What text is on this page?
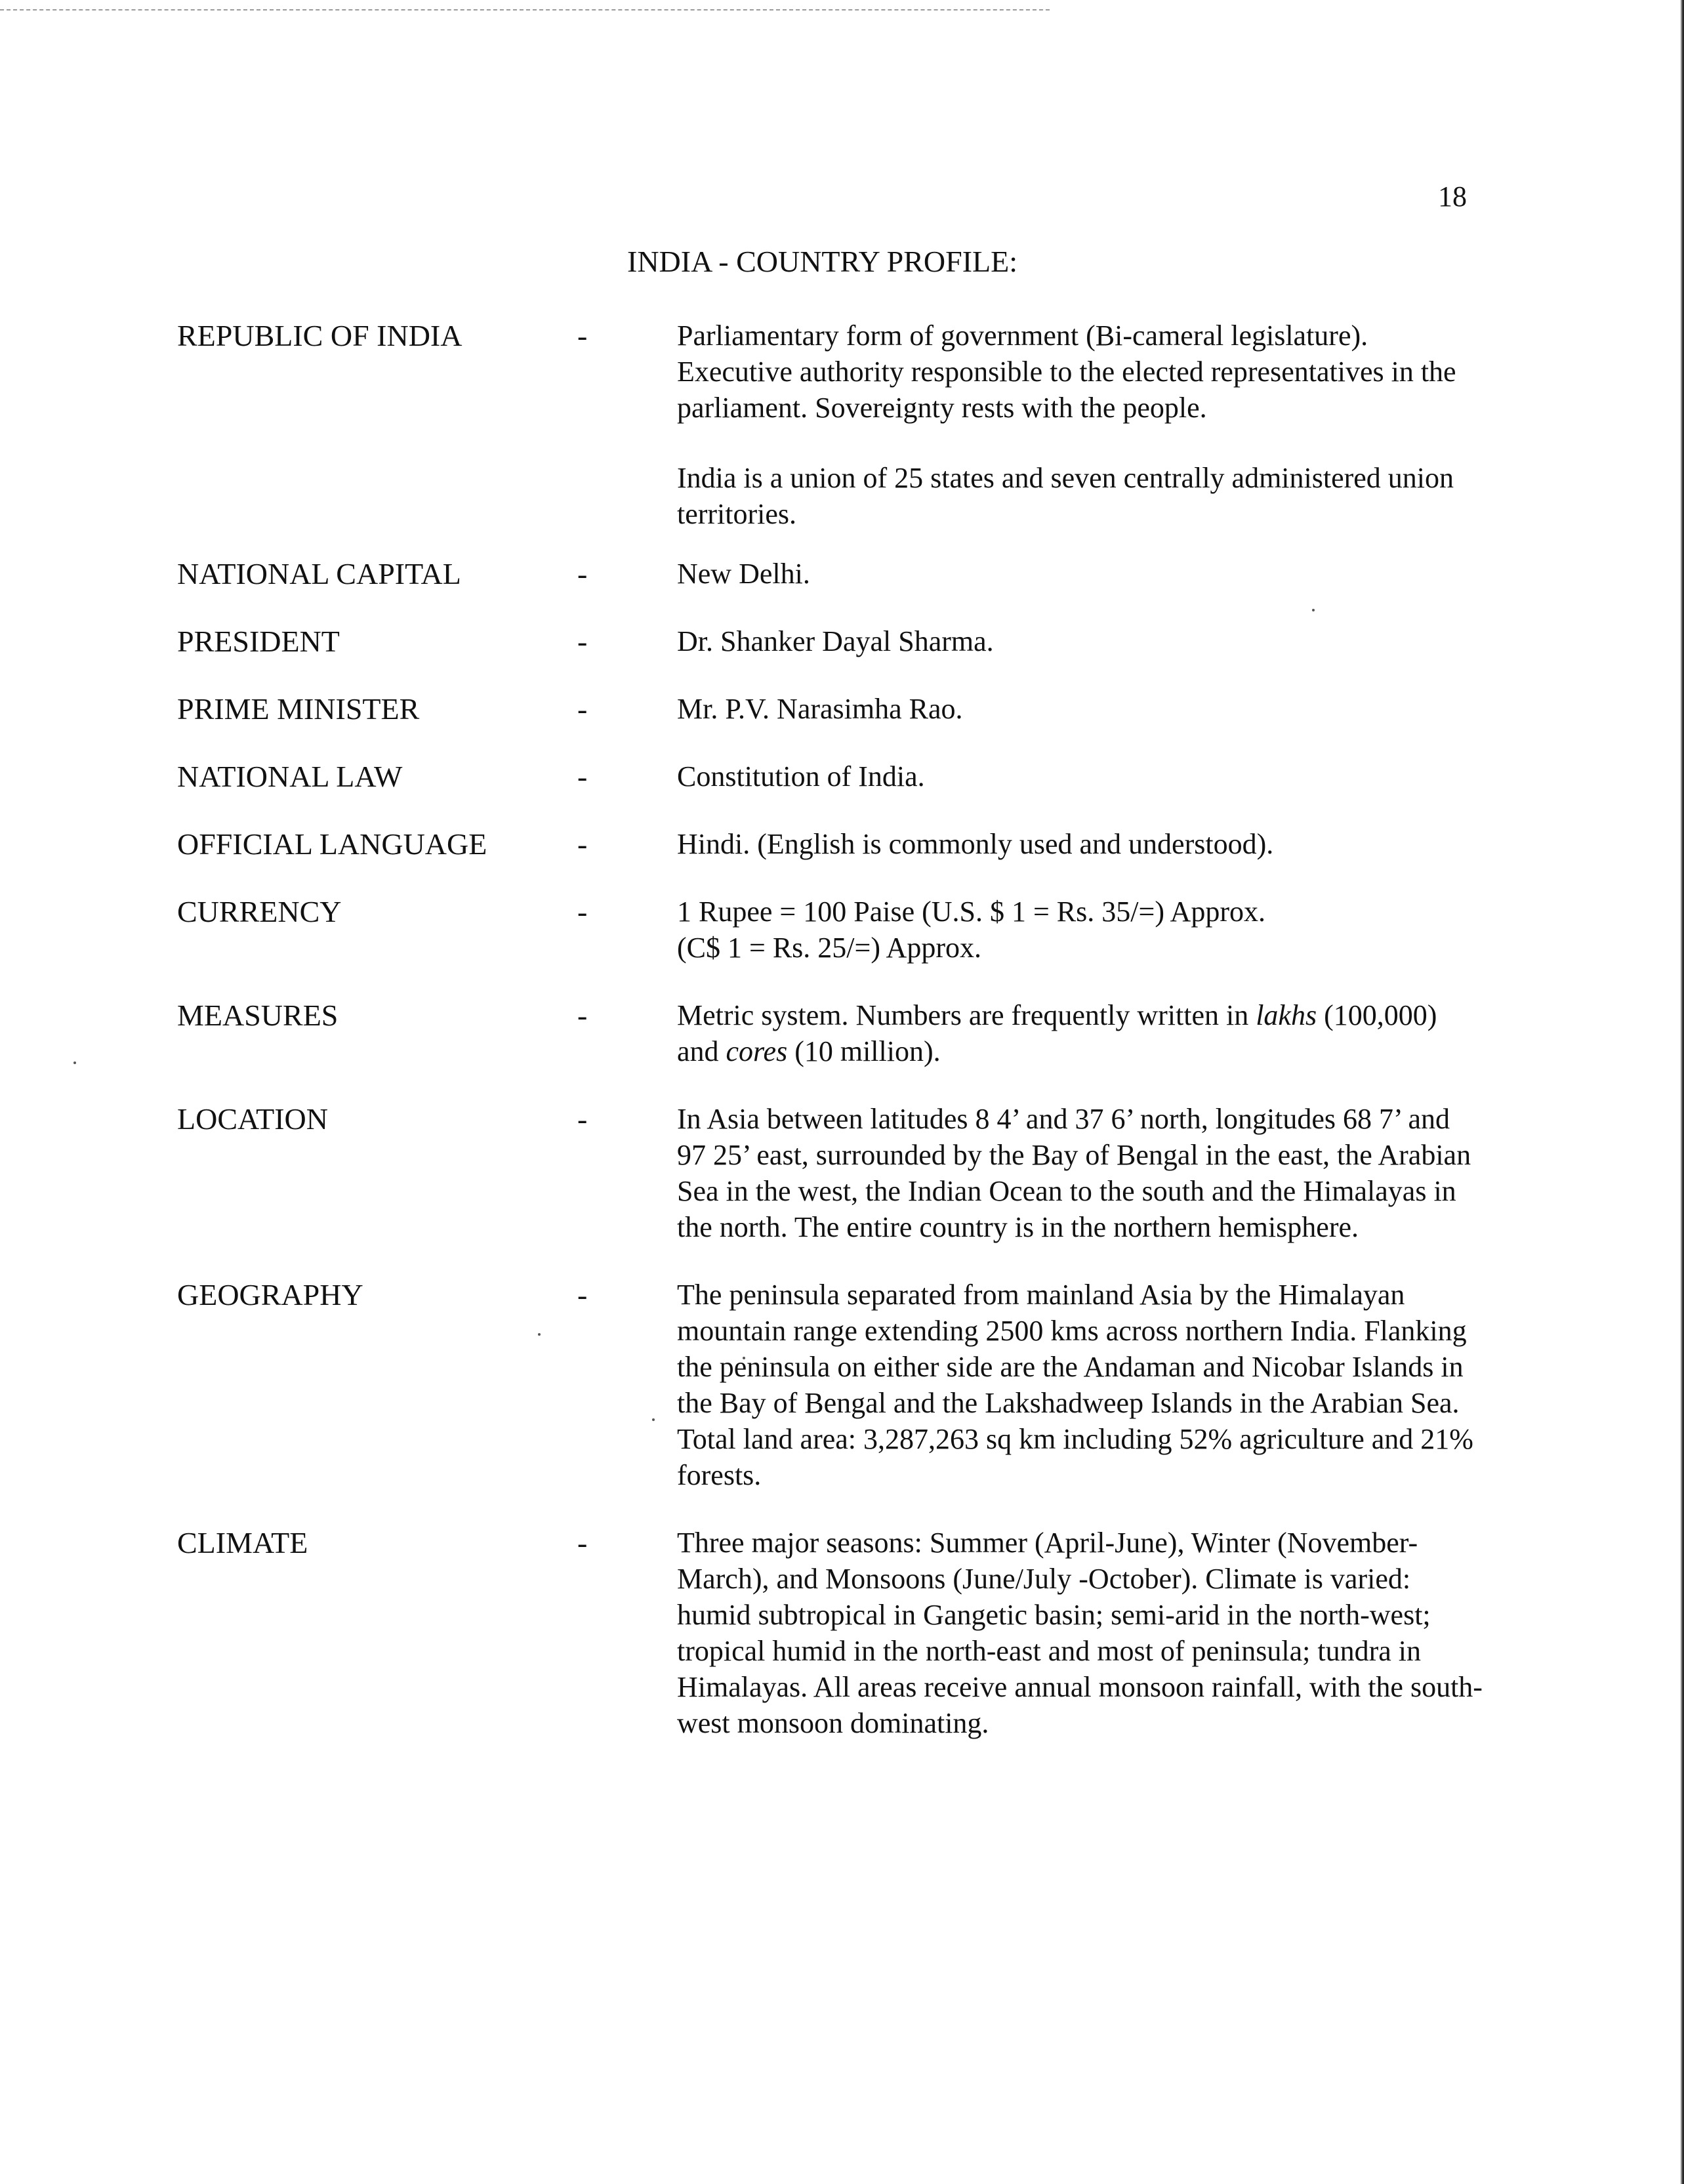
18
INDIA - COUNTRY PROFILE:
REPUBLIC OF INDIA	-	Parliamentary form of government (Bi-cameral legislature). Executive authority responsible to the elected representatives in the parliament. Sovereignty rests with the people.

India is a union of 25 states and seven centrally administered union territories.

NATIONAL CAPITAL	-	New Delhi.

PRESIDENT	-	Dr. Shanker Dayal Sharma.

PRIME MINISTER	-	Mr. P.V. Narasimha Rao.

NATIONAL LAW	-	Constitution of India.

OFFICIAL LANGUAGE	-	Hindi. (English is commonly used and understood).

CURRENCY	-	1 Rupee = 100 Paise (U.S. $ 1 = Rs. 35/=) Approx.
(C$ 1 = Rs. 25/=) Approx.

MEASURES	-	Metric system. Numbers are frequently written in lakhs (100,000) and cores (10 million).

LOCATION	-	In Asia between latitudes 8 4’ and 37 6’ north, longitudes 68 7’ and 97 25’ east, surrounded by the Bay of Bengal in the east, the Arabian Sea in the west, the Indian Ocean to the south and the Himalayas in the north. The entire country is in the northern hemisphere.

GEOGRAPHY	-	The peninsula separated from mainland Asia by the Himalayan mountain range extending 2500 kms across northern India. Flanking the peninsula on either side are the Andaman and Nicobar Islands in the Bay of Bengal and the Lakshadweep Islands in the Arabian Sea. Total land area: 3,287,263 sq km including 52% agriculture and 21% forests.

CLIMATE	-	Three major seasons: Summer (April-June), Winter (November-March), and Monsoons (June/July -October). Climate is varied: humid subtropical in Gangetic basin; semi-arid in the north-west; tropical humid in the north-east and most of peninsula; tundra in Himalayas. All areas receive annual monsoon rainfall, with the south-west monsoon dominating.
